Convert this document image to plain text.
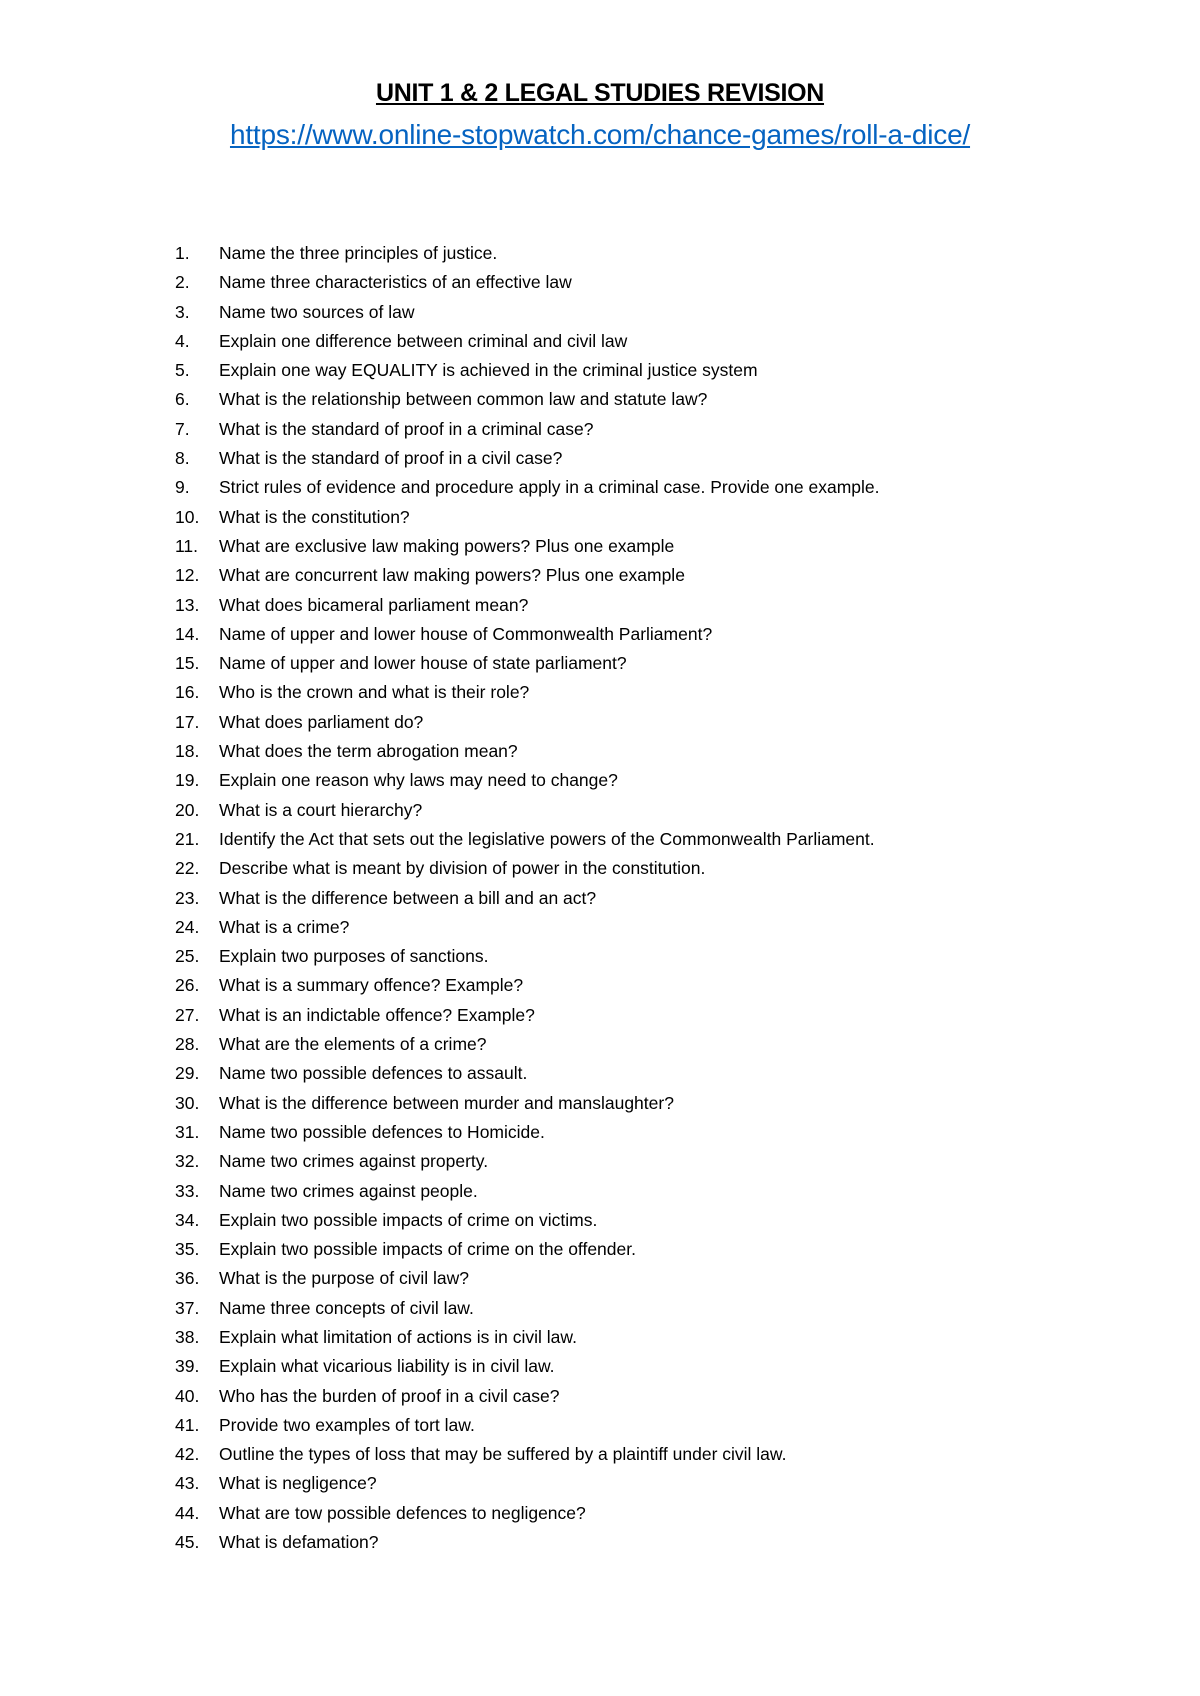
UNIT 1 & 2 LEGAL STUDIES REVISION
https://www.online-stopwatch.com/chance-games/roll-a-dice/
1.	Name the three principles of justice.
2.	Name three characteristics of an effective law
3.	Name two sources of law
4.	Explain one difference between criminal and civil law
5.	Explain one way EQUALITY is achieved in the criminal justice system
6.	What is the relationship between common law and statute law?
7.	What is the standard of proof in a criminal case?
8.	What is the standard of proof in a civil case?
9.	Strict rules of evidence and procedure apply in a criminal case. Provide one example.
10.	What is the constitution?
11.	What are exclusive law making powers? Plus one example
12.	What are concurrent law making powers? Plus one example
13.	What does bicameral parliament mean?
14.	Name of upper and lower house of Commonwealth Parliament?
15.	Name of upper and lower house of state parliament?
16.	Who is the crown and what is their role?
17.	What does parliament do?
18.	What does the term abrogation mean?
19.	Explain one reason why laws may need to change?
20.	What is a court hierarchy?
21.	Identify the Act that sets out the legislative powers of the Commonwealth Parliament.
22.	Describe what is meant by division of power in the constitution.
23.	What is the difference between a bill and an act?
24.	What is a crime?
25.	Explain two purposes of sanctions.
26.	What is a summary offence? Example?
27.	What is an indictable offence? Example?
28.	What are the elements of a crime?
29.	Name two possible defences to assault.
30.	What is the difference between murder and manslaughter?
31.	Name two possible defences to Homicide.
32.	Name two crimes against property.
33.	Name two crimes against people.
34.	Explain two possible impacts of crime on victims.
35.	Explain two possible impacts of crime on the offender.
36.	What is the purpose of civil law?
37.	Name three concepts of civil law.
38.	Explain what limitation of actions is in civil law.
39.	Explain what vicarious liability is in civil law.
40.	Who has the burden of proof in a civil case?
41.	Provide two examples of tort law.
42.	Outline the types of loss that may be suffered by a plaintiff under civil law.
43.	What is negligence?
44.	What are tow possible defences to negligence?
45.	What is defamation?
